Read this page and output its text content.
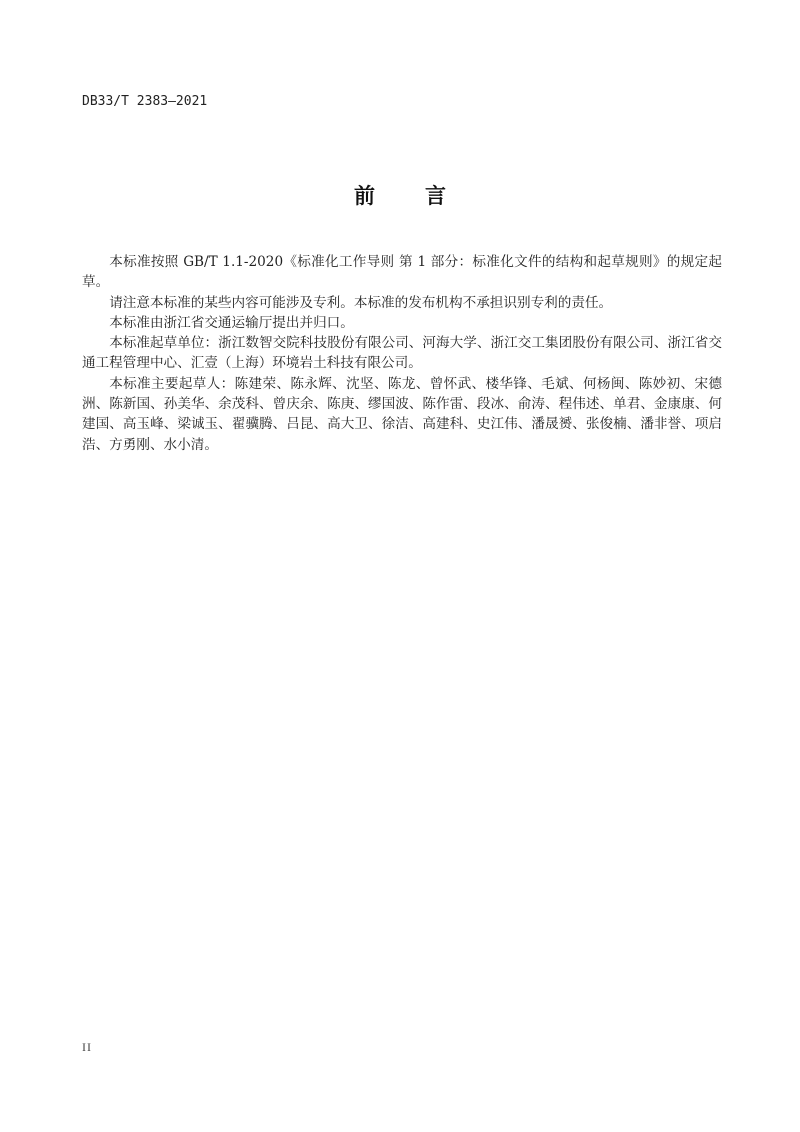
DB33/T 2383—2021
前 言

本标准按照 GB/T 1.1-2020《标准化工作导则 第 1 部分：标准化文件的结构和起草规则》的规定起草。

请注意本标准的某些内容可能涉及专利。本标准的发布机构不承担识别专利的责任。

本标准由浙江省交通运输厅提出并归口。

本标准起草单位：浙江数智交院科技股份有限公司、河海大学、浙江交工集团股份有限公司、浙江省交通工程管理中心、汇壹（上海）环境岩土科技有限公司。

本标准主要起草人：陈建荣、陈永辉、沈坚、陈龙、曾怀武、楼华锋、毛斌、何杨闽、陈妙初、宋德洲、陈新国、孙美华、余茂科、曾庆余、陈庚、缪国波、陈作雷、段冰、俞涛、程伟述、单君、金康康、何建国、高玉峰、梁诚玉、翟骥腾、吕昆、高大卫、徐洁、高建科、史江伟、潘晟赟、张俊楠、潘非誉、项启浩、方勇刚、水小清。

II
